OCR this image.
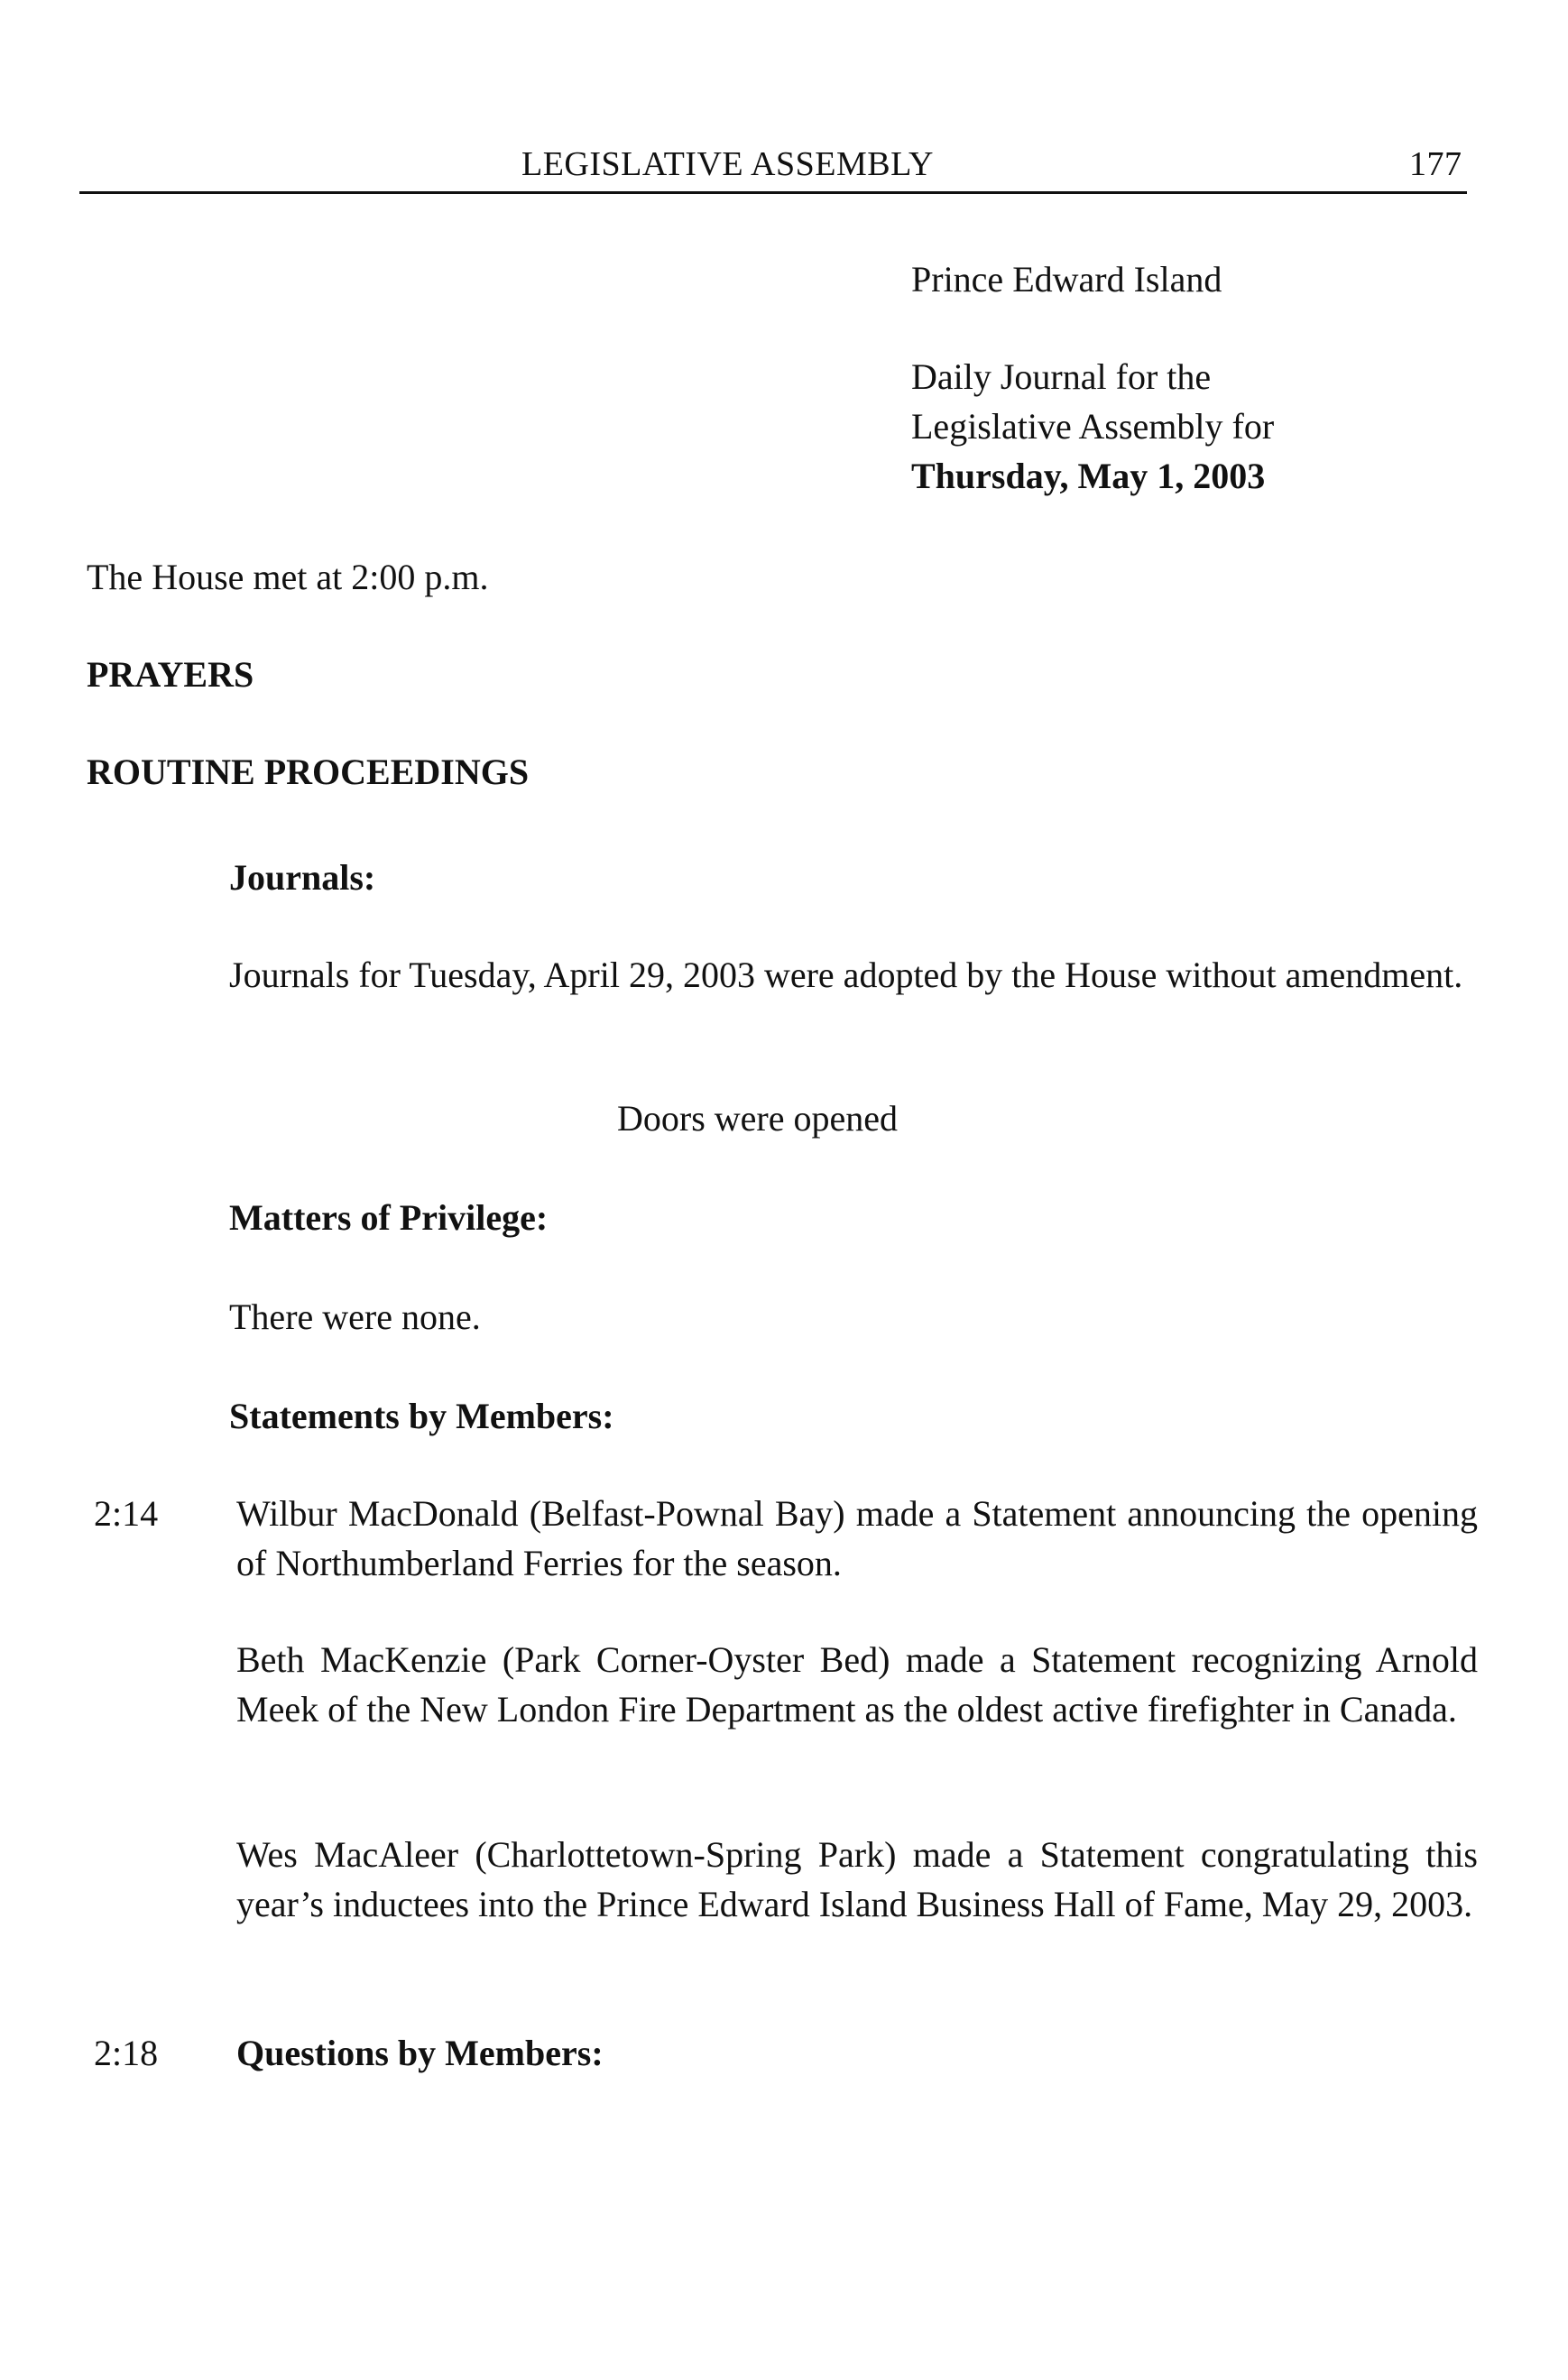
LEGISLATIVE ASSEMBLY	177
Prince Edward Island
Daily Journal for the
Legislative Assembly for
Thursday, May 1, 2003
The House met at 2:00 p.m.
PRAYERS
ROUTINE PROCEEDINGS
Journals:
Journals for Tuesday, April 29, 2003 were adopted by the House without amendment.
Doors were opened
Matters of Privilege:
There were none.
Statements by Members:
2:14 Wilbur MacDonald (Belfast-Pownal Bay) made a Statement announcing the opening of Northumberland Ferries for the season.
Beth MacKenzie (Park Corner-Oyster Bed) made a Statement recognizing Arnold Meek of the New London Fire Department as the oldest active firefighter in Canada.
Wes MacAleer (Charlottetown-Spring Park) made a Statement congratulating this year’s inductees into the Prince Edward Island Business Hall of Fame, May 29, 2003.
2:18 Questions by Members:
